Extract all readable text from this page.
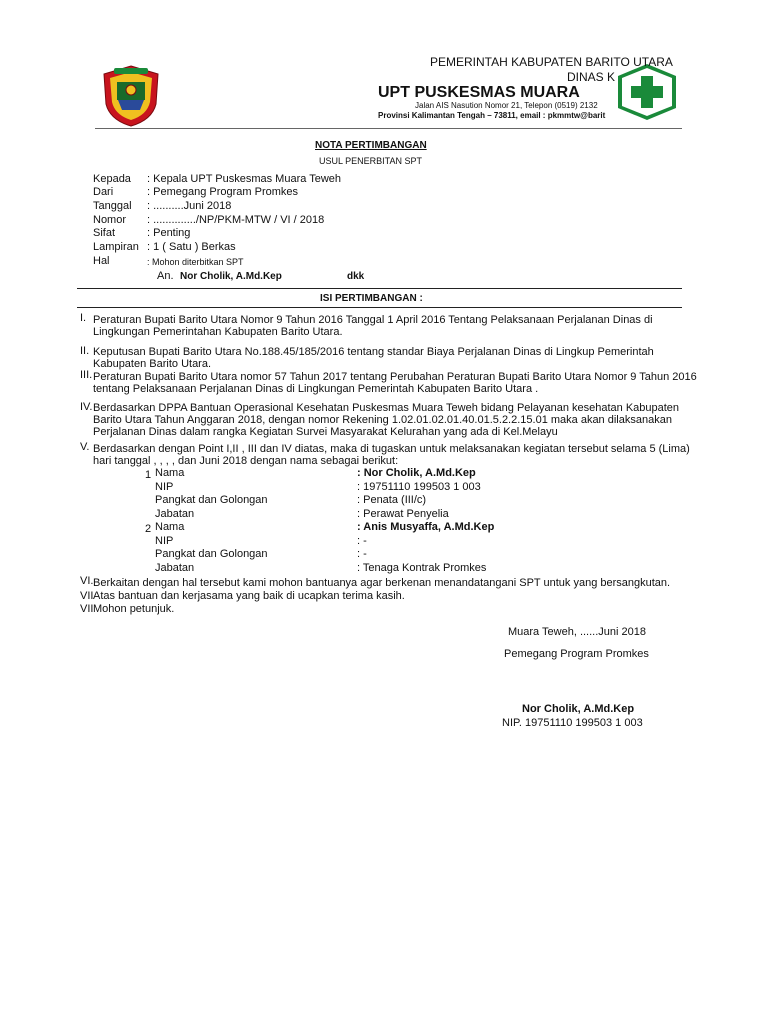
PEMERINTAH KABUPATEN BARITO UTARA
DINAS K
UPT PUSKESMAS MUARA
Jalan AIS Nasution Nomor 21, Telepon (0519) 2132
Provinsi Kalimantan Tengah – 73811, email : pkmmtw@barit
NOTA PERTIMBANGAN
USUL PENERBITAN SPT
Kepada : Kepala UPT Puskesmas Muara Teweh
Dari	: Pemegang Program Promkes
Tanggal : ..........Juni 2018
Nomor : ............../NP/PKM-MTW / VI / 2018
Sifat	: Penting
Lampiran : 1 ( Satu ) Berkas
Hal	: Mohon diterbitkan SPT
An. Nor Cholik, A.Md.Kep	dkk
ISI PERTIMBANGAN :
I. Peraturan Bupati Barito Utara Nomor 9 Tahun 2016 Tanggal 1 April 2016 Tentang Pelaksanaan Perjalanan Dinas di
Lingkungan Pemerintahan Kabupaten Barito Utara.
II. Keputusan Bupati Barito Utara No.188.45/185/2016 tentang standar Biaya Perjalanan Dinas di Lingkup Pemerintah
Kabupaten Barito Utara.
III. Peraturan Bupati Barito Utara nomor 57 Tahun 2017 tentang Perubahan Peraturan Bupati Barito Utara Nomor 9 Tahun 2016
tentang Pelaksanaan Perjalanan Dinas di Lingkungan Pemerintah Kabupaten Barito Utara .
IV. Berdasarkan DPPA Bantuan Operasional Kesehatan Puskesmas Muara Teweh bidang Pelayanan kesehatan Kabupaten
Barito Utara Tahun Anggaran 2018, dengan nomor Rekening 1.02.01.02.01.40.01.5.2.2.15.01 maka akan dilaksanakan
Perjalanan Dinas dalam rangka Kegiatan Survei Masyarakat Kelurahan yang ada di Kel.Melayu
V. Berdasarkan dengan Point I,II , III dan IV diatas, maka di tugaskan untuk melaksanakan kegiatan tersebut selama 5 (Lima)
hari tanggal , , , , dan Juni 2018 dengan nama sebagai berikut:
1 Nama	: Nor Cholik, A.Md.Kep
NIP	: 19751110 199503 1 003
Pangkat dan Golongan	: Penata (III/c)
Jabatan	: Perawat Penyelia
2 Nama	: Anis Musyaffa, A.Md.Kep
NIP	: -
Pangkat dan Golongan	: -
Jabatan	: Tenaga Kontrak Promkes
VI. Berkaitan dengan hal tersebut kami mohon bantuanya agar berkenan menandatangani SPT untuk yang bersangkutan.
VII Atas bantuan dan kerjasama yang baik di ucapkan terima kasih.
VII Mohon petunjuk.
Muara Teweh, ......Juni 2018
Pemegang Program Promkes
Nor Cholik, A.Md.Kep
NIP. 19751110 199503 1 003
